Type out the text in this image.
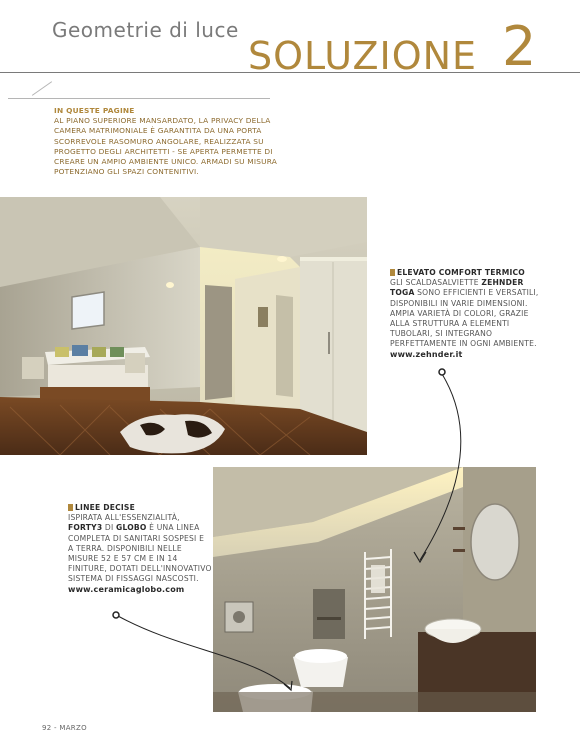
Geometrie di luce
SOLUZIONE 2
IN QUESTE PAGINE
AL PIANO SUPERIORE MANSARDATO, LA PRIVACY DELLA CAMERA MATRIMONIALE È GARANTITA DA UNA PORTA SCORREVOLE RASOMURO ANGOLARE, REALIZZATA SU PROGETTO DEGLI ARCHITETTI - SE APERTA PERMETTE DI CREARE UN AMPIO AMBIENTE UNICO. ARMADI SU MISURA POTENZIANO GLI SPAZI CONTENITIVI.
ELEVATO COMFORT TERMICO
GLI SCALDASALVIETTE ZEHNDER TOGA SONO EFFICIENTI E VERSATILI, DISPONIBILI IN VARIE DIMENSIONI. AMPIA VARIETÀ DI COLORI, GRAZIE ALLA STRUTTURA A ELEMENTI TUBOLARI, SI INTEGRANO PERFETTAMENTE IN OGNI AMBIENTE.
www.zehnder.it
LINEE DECISE
ISPIRATA ALL'ESSENZIALITÀ, FORTY3 DI GLOBO È UNA LINEA COMPLETA DI SANITARI SOSPESI E A TERRA. DISPONIBILI NELLE MISURE 52 E 57 CM E IN 14 FINITURE, DOTATI DELL'INNOVATIVO SISTEMA DI FISSAGGI NASCOSTI.
www.ceramicaglobo.com
92 - MARZO
